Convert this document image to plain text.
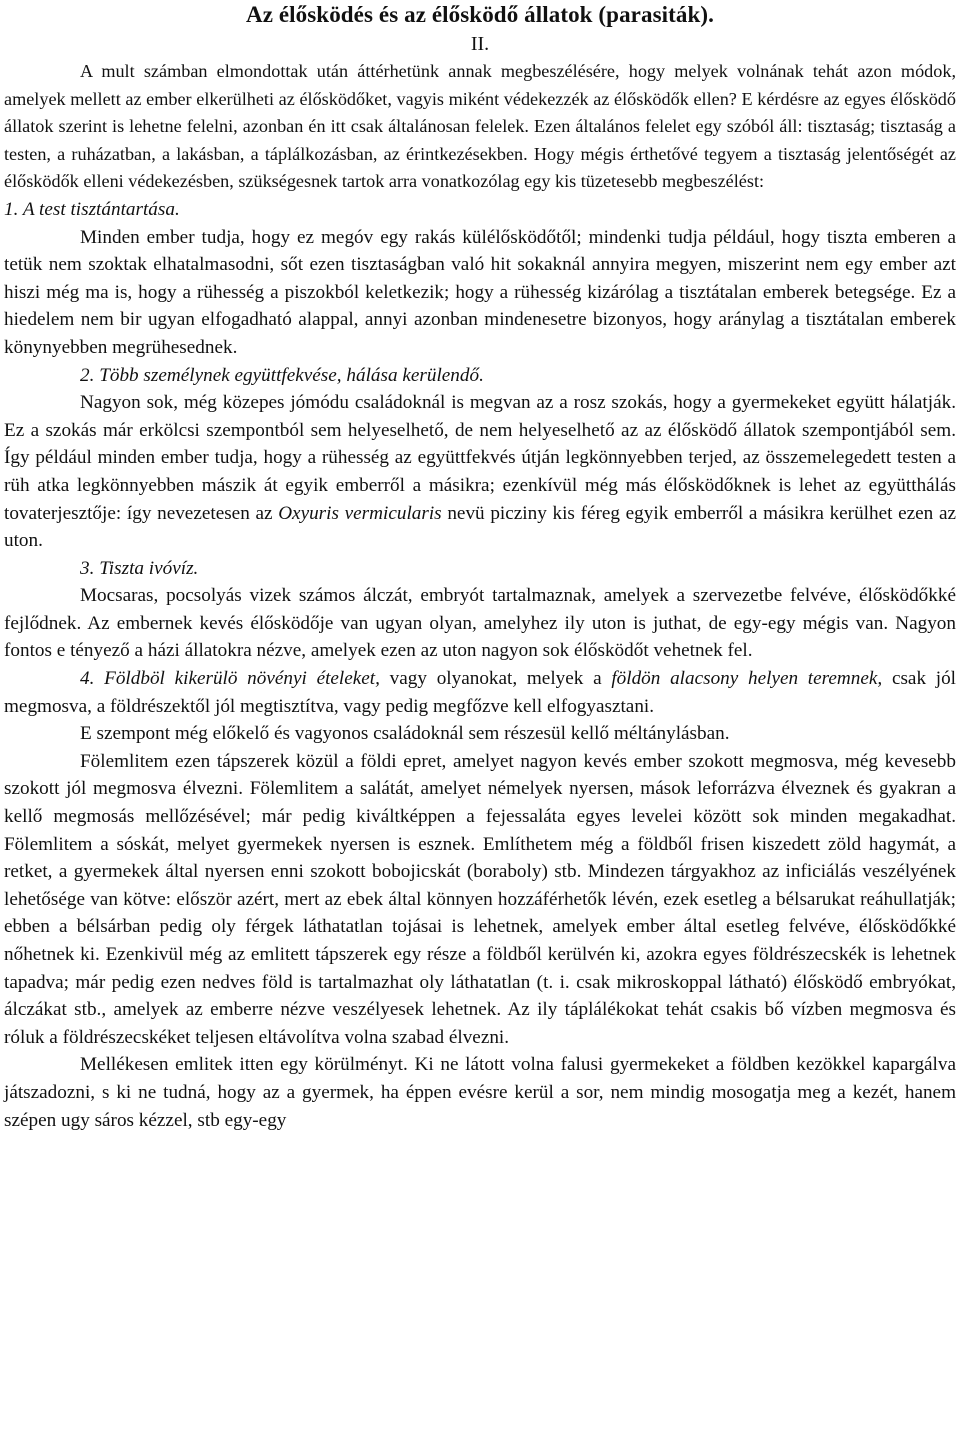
Az élősködés és az élősködő állatok (parasiták).
II.

A mult számban elmondottak után áttérhetünk annak megbeszélésére, hogy melyek volnának tehát azon módok, amelyek mellett az ember elkerülheti az élősködőket, vagyis miként védekezzék az élősködők ellen? E kérdésre az egyes élősködő állatok szerint is lehetne felelni, azonban én itt csak általánosan felelek. Ezen általános felelet egy szóból áll: tisztaság; tisztaság a testen, a ruházatban, a lakásban, a táplálkozásban, az érintkezésekben. Hogy mégis érthetővé tegyem a tisztaság jelentőségét az élősködők elleni védekezésben, szükségesnek tartok arra vonatkozólag egy kis tüzetesebb megbeszélést:

1. A test tisztántartása.

Minden ember tudja, hogy ez megóv egy rakás külélősködőtől; mindenki tudja például, hogy tiszta emberen a tetük nem szoktak elhatalmasodni, sőt ezen tisztaságban való hit sokaknál annyira megyen, miszerint nem egy ember azt hiszi még ma is, hogy a rühesség a piszokból keletkezik; hogy a rühesség kizárólag a tisztátalan emberek betegsége. Ez a hiedelem nem bir ugyan elfogadható alappal, annyi azonban mindenesetre bizonyos, hogy aránylag a tisztátalan emberek könynyebben megrühesednek.

2. Több személynek együttfekvése, hálása kerülendő.

Nagyon sok, még közepes jómódu családoknál is megvan az a rosz szokás, hogy a gyermekeket együtt hálatják. Ez a szokás már erkölcsi szempontból sem helyeselhető, de nem helyeselhető az az élősködő állatok szempontjából sem. Így például minden ember tudja, hogy a rühesség az együttfekvés útján legkönnyebben terjed, az összemelegedett testen a rüh atka legkönnyebben mászik át egyik emberről a másikra; ezenkívül még más élősködőknek is lehet az együtthálás tovaterjesztője: így nevezetesen az Oxyuris vermicularis nevü picziny kis féreg egyik emberről a másikra kerülhet ezen az uton.

3. Tiszta ivóvíz.

Mocsaras, pocsolyás vizek számos álczát, embryót tartalmaznak, amelyek a szervezetbe felvéve, élősködőkké fejlődnek. Az embernek kevés élősködője van ugyan olyan, amelyhez ily uton is juthat, de egy-egy mégis van. Nagyon fontos e tényező a házi állatokra nézve, amelyek ezen az uton nagyon sok élősködőt vehetnek fel.

4. Földböl kikerülö növényi ételeket, vagy olyanokat, melyek a földön alacsony helyen teremnek, csak jól megmosva, a földrészektől jól megtisztítva, vagy pedig megfőzve kell elfogyasztani.

E szempont még előkelő és vagyonos családoknál sem részesül kellő méltánylásban.

Fölemlitem ezen tápszerek közül a földi epret, amelyet nagyon kevés ember szokott megmosva, még kevesebb szokott jól megmosva élvezni. Fölemlitem a salátát, amelyet némelyek nyersen, mások leforrázva élveznek és gyakran a kellő megmosás mellőzésével; már pedig kiváltképpen a fejessaláta egyes levelei között sok minden megakadhat. Fölemlitem a sóskát, melyet gyermekek nyersen is esznek. Említhetem még a földből frisen kiszedett zöld hagymát, a retket, a gyermekek által nyersen enni szokott bobojicskát (boraboly) stb. Mindezen tárgyakhoz az inficiálás veszélyének lehetősége van kötve: először azért, mert az ebek által könnyen hozzáférhetők lévén, ezek esetleg a bélsarukat reáhullatják; ebben a bélsárban pedig oly férgek láthatatlan tojásai is lehetnek, amelyek ember által esetleg felvéve, élősködőkké nőhetnek ki. Ezenkivül még az emlitett tápszerek egy része a földből kerülvén ki, azokra egyes földrészecskék is lehetnek tapadva; már pedig ezen nedves föld is tartalmazhat oly láthatatlan (t. i. csak mikroskoppal látható) élősködő embryókat, álczákat stb., amelyek az emberre nézve veszélyesek lehetnek. Az ily táplálékokat tehát csakis bő vízben megmosva és róluk a földrészecskéket teljesen eltávolítva volna szabad élvezni.

Mellékesen emlitek itten egy körülményt. Ki ne látott volna falusi gyermekeket a földben kezökkel kapargálva játszadozni, s ki ne tudná, hogy az a gyermek, ha éppen evésre kerül a sor, nem mindig mosogatja meg a kezét, hanem szépen ugy sáros kézzel, stb egy-egy
